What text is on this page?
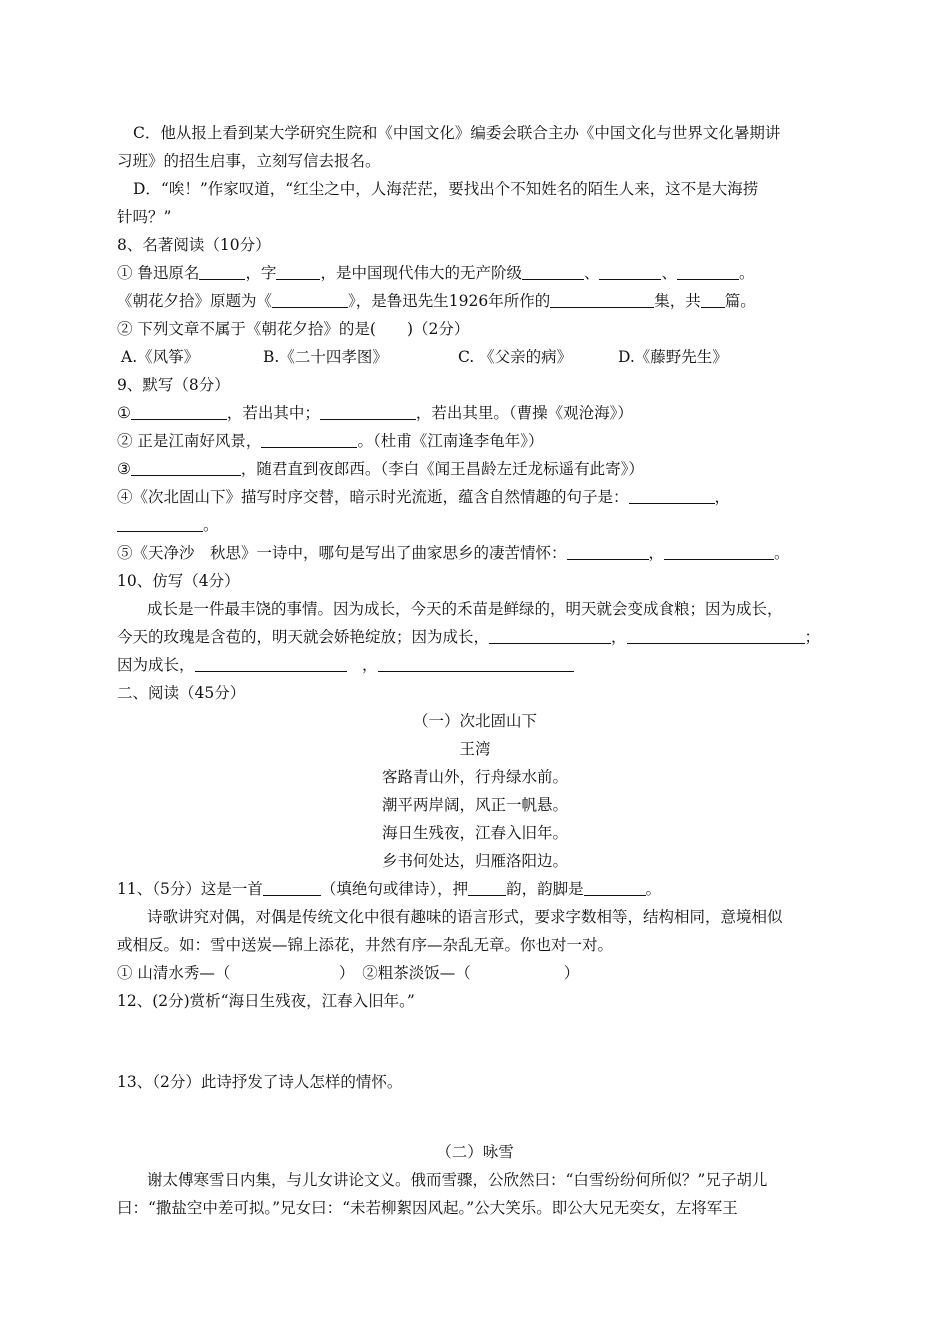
C．他从报上看到某大学研究生院和《中国文化》编委会联合主办《中国文化与世界文化暑期讲
习班》的招生启事，立刻写信去报名。
D．“唉！”作家叹道，“红尘之中，人海茫茫，要找出个不知姓名的陌生人来，这不是大海捞
针吗？”
8、名著阅读（10分）
① 鲁迅原名	，字	，是中国现代伟大的无产阶级	、	、	。
《朝花夕拾》原题为《	》，是鲁迅先生1926年所作的	集，共 篇。
② 下列文章不属于《朝花夕拾》的是(　　)（2分）
A.《风筝》	B.《二十四孝图》	C. 《父亲的病》	D.《藤野先生》
9、默写（8分）
①	，若出其中；	，若出其里。（曹操《观沧海》）
② 正是江南好风景，	。（杜甫《江南逢李龟年》）
③	，随君直到夜郎西。（李白《闻王昌龄左迁龙标遥有此寄》）
④《次北固山下》描写时序交替，暗示时光流逝，蕴含自然情趣的句子是：	，
。
⑤《天净沙　秋思》一诗中，哪句是写出了曲家思乡的凄苦情怀：	，	。
10、仿写（4分）
成长是一件最丰饶的事情。因为成长，今天的禾苗是鲜绿的，明天就会变成食粮；因为成长，
今天的玫瑰是含苞的，明天就会娇艳绽放；因为成长，	，	；
因为成长，	　，
二、阅读（45分）
（一）次北固山下
王湾
客路青山外，行舟绿水前。
潮平两岸阔，风正一帆悬。
海日生残夜，江春入旧年。
乡书何处达，归雁洛阳边。
11、（5分）这是一首	（填绝句或律诗），押 韵，韵脚是	。
诗歌讲究对偶，对偶是传统文化中很有趣味的语言形式，要求字数相等，结构相同，意境相似
或相反。如：雪中送炭—锦上添花，井然有序—杂乱无章。你也对一对。
① 山清水秀—（　　　　　　　）　 ②粗茶淡饭—（　　　　　　）
12、(2分)赏析“海日生残夜，江春入旧年。”
13、（2分）此诗抒发了诗人怎样的情怀。
（二）咏雪
谢太傅寒雪日内集，与儿女讲论文义。俄而雪骤，公欣然曰：“白雪纷纷何所似？”兄子胡儿
曰：“撒盐空中差可拟。”兄女曰：“未若柳絮因风起。”公大笑乐。即公大兄无奕女，左将军王
